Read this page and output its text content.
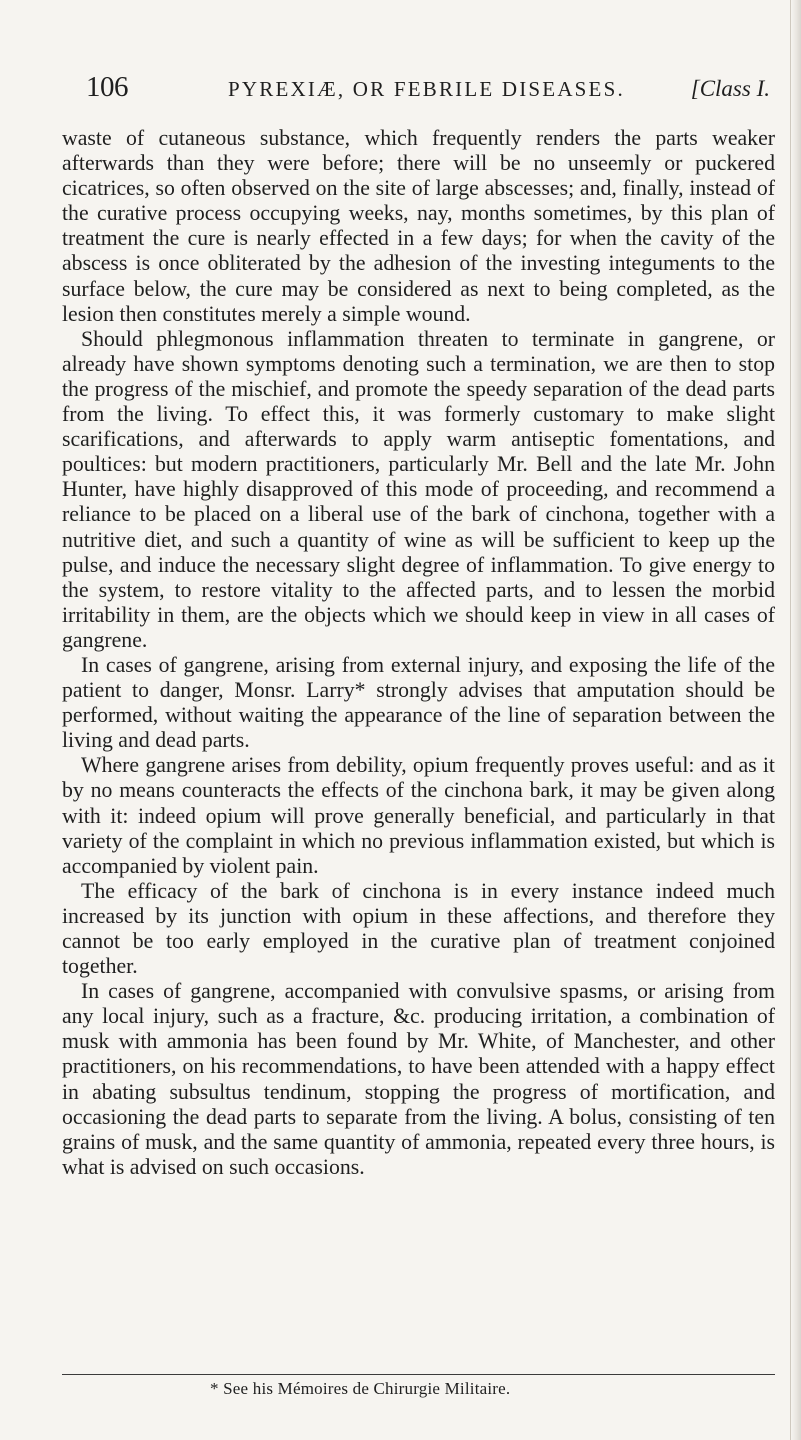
106	PYREXIÆ, OR FEBRILE DISEASES.	[Class I.

waste of cutaneous substance, which frequently renders the parts weaker afterwards than they were before; there will be no unseemly or puckered cicatrices, so often observed on the site of large abscesses; and, finally, instead of the curative process occupying weeks, nay, months sometimes, by this plan of treatment the cure is nearly effected in a few days; for when the cavity of the abscess is once obliterated by the adhesion of the investing integuments to the surface below, the cure may be considered as next to being completed, as the lesion then constitutes merely a simple wound.

Should phlegmonous inflammation threaten to terminate in gangrene, or already have shown symptoms denoting such a termination, we are then to stop the progress of the mischief, and promote the speedy separation of the dead parts from the living. To effect this, it was formerly customary to make slight scarifications, and afterwards to apply warm antiseptic fomentations, and poultices: but modern practitioners, particularly Mr. Bell and the late Mr. John Hunter, have highly disapproved of this mode of proceeding, and recommend a reliance to be placed on a liberal use of the bark of cinchona, together with a nutritive diet, and such a quantity of wine as will be sufficient to keep up the pulse, and induce the necessary slight degree of inflammation. To give energy to the system, to restore vitality to the affected parts, and to lessen the morbid irritability in them, are the objects which we should keep in view in all cases of gangrene.

In cases of gangrene, arising from external injury, and exposing the life of the patient to danger, Monsr. Larry* strongly advises that amputation should be performed, without waiting the appearance of the line of separation between the living and dead parts.

Where gangrene arises from debility, opium frequently proves useful: and as it by no means counteracts the effects of the cinchona bark, it may be given along with it: indeed opium will prove generally beneficial, and particularly in that variety of the complaint in which no previous inflammation existed, but which is accompanied by violent pain.

The efficacy of the bark of cinchona is in every instance indeed much increased by its junction with opium in these affections, and therefore they cannot be too early employed in the curative plan of treatment conjoined together.

In cases of gangrene, accompanied with convulsive spasms, or arising from any local injury, such as a fracture, &c. producing irritation, a combination of musk with ammonia has been found by Mr. White, of Manchester, and other practitioners, on his recommendations, to have been attended with a happy effect in abating subsultus tendinum, stopping the progress of mortification, and occasioning the dead parts to separate from the living. A bolus, consisting of ten grains of musk, and the same quantity of ammonia, repeated every three hours, is what is advised on such occasions.

* See his Mémoires de Chirurgie Militaire.
